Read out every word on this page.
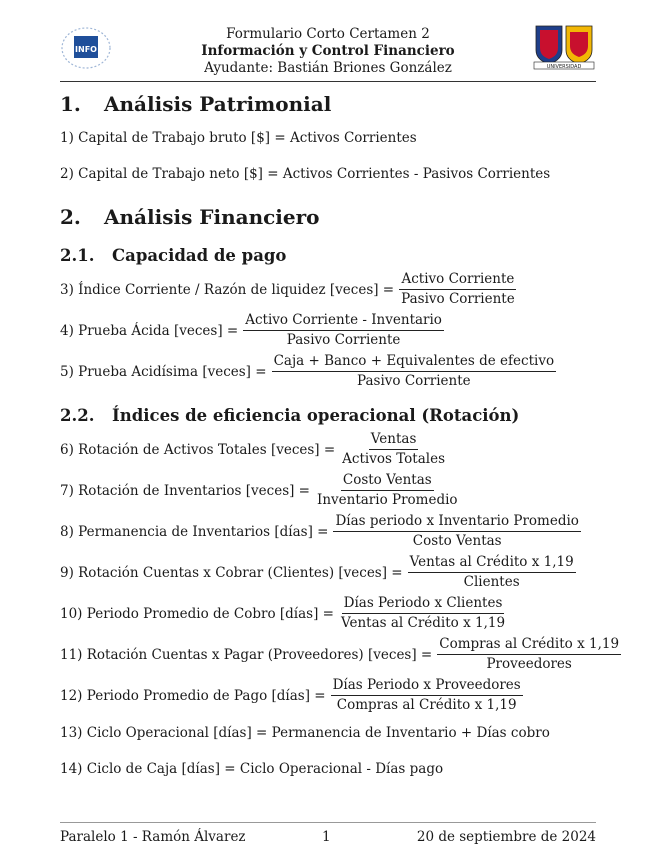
INFO
Formulario Corto Certamen 2
Información y Control Financiero
Ayudante: Bastián Briones González	UNIVERSIDAD
1. Análisis Patrimonial
1) Capital de Trabajo bruto [$] = Activos Corrientes
2) Capital de Trabajo neto [$] = Activos Corrientes - Pasivos Corrientes
2. Análisis Financiero
2.1. Capacidad de pago
3) Índice Corriente / Razón de liquidez [veces] = $\frac{\text{Activo Corriente}}{\text{Pasivo Corriente}}$
4) Prueba Ácida [veces] = $\frac{\text{Activo Corriente - Inventario}}{\text{Pasivo Corriente}}$
5) Prueba Acidísima [veces] = $\frac{\text{Caja + Banco + Equivalentes de efectivo}}{\text{Pasivo Corriente}}$
2.2. Índices de eficiencia operacional (Rotación)
6) Rotación de Activos Totales [veces] = $\frac{\text{Ventas}}{\text{Activos Totales}}$
7) Rotación de Inventarios [veces] = $\frac{\text{Costo Ventas}}{\text{Inventario Promedio}}$
8) Permanencia de Inventarios [días] = $\frac{\text{Días periodo x Inventario Promedio}}{\text{Costo Ventas}}$
9) Rotación Cuentas x Cobrar (Clientes) [veces] = $\frac{\text{Ventas al Crédito x 1,19}}{\text{Clientes}}$
10) Periodo Promedio de Cobro [días] = $\frac{\text{Días Periodo x Clientes}}{\text{Ventas al Crédito x 1,19}}$
11) Rotación Cuentas x Pagar (Proveedores) [veces] = $\frac{\text{Compras al Crédito x 1,19}}{\text{Proveedores}}$
12) Periodo Promedio de Pago [días] = $\frac{\text{Días Periodo x Proveedores}}{\text{Compras al Crédito x 1,19}}$
13) Ciclo Operacional [días] = Permanencia de Inventario + Días cobro
14) Ciclo de Caja [días] = Ciclo Operacional - Días pago
Paralelo 1 - Ramón Álvarez	1	20 de septiembre de 2024
